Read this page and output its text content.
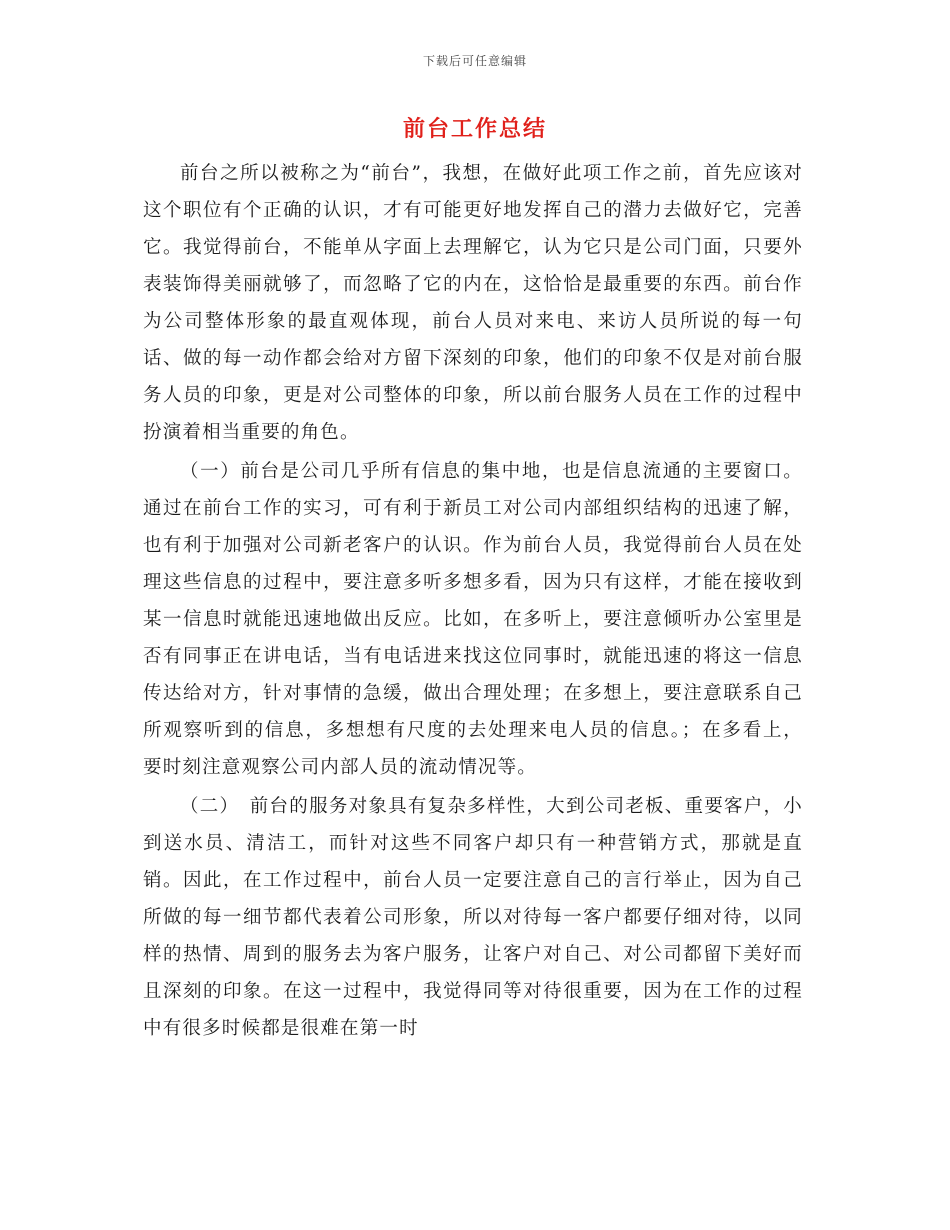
下载后可任意编辑
前台工作总结

前台之所以被称之为“前台”，我想，在做好此项工作之前，首先应该对这个职位有个正确的认识，才有可能更好地发挥自己的潜力去做好它，完善它。我觉得前台，不能单从字面上去理解它，认为它只是公司门面，只要外表装饰得美丽就够了，而忽略了它的内在，这恰恰是最重要的东西。前台作为公司整体形象的最直观体现，前台人员对来电、来访人员所说的每一句话、做的每一动作都会给对方留下深刻的印象，他们的印象不仅是对前台服务人员的印象，更是对公司整体的印象，所以前台服务人员在工作的过程中扮演着相当重要的角色。

（一）前台是公司几乎所有信息的集中地，也是信息流通的主要窗口。通过在前台工作的实习，可有利于新员工对公司内部组织结构的迅速了解，也有利于加强对公司新老客户的认识。作为前台人员，我觉得前台人员在处理这些信息的过程中，要注意多听多想多看，因为只有这样，才能在接收到某一信息时就能迅速地做出反应。比如，在多听上，要注意倾听办公室里是否有同事正在讲电话，当有电话进来找这位同事时，就能迅速的将这一信息传达给对方，针对事情的急缓，做出合理处理；在多想上，要注意联系自己所观察听到的信息，多想想有尺度的去处理来电人员的信息。；在多看上，要时刻注意观察公司内部人员的流动情况等。

（二）　前台的服务对象具有复杂多样性，大到公司老板、重要客户，小到送水员、清洁工，而针对这些不同客户却只有一种营销方式，那就是直销。因此，在工作过程中，前台人员一定要注意自己的言行举止，因为自己所做的每一细节都代表着公司形象，所以对待每一客户都要仔细对待，以同样的热情、周到的服务去为客户服务，让客户对自己、对公司都留下美好而且深刻的印象。在这一过程中，我觉得同等对待很重要，因为在工作的过程中有很多时候都是很难在第一时
